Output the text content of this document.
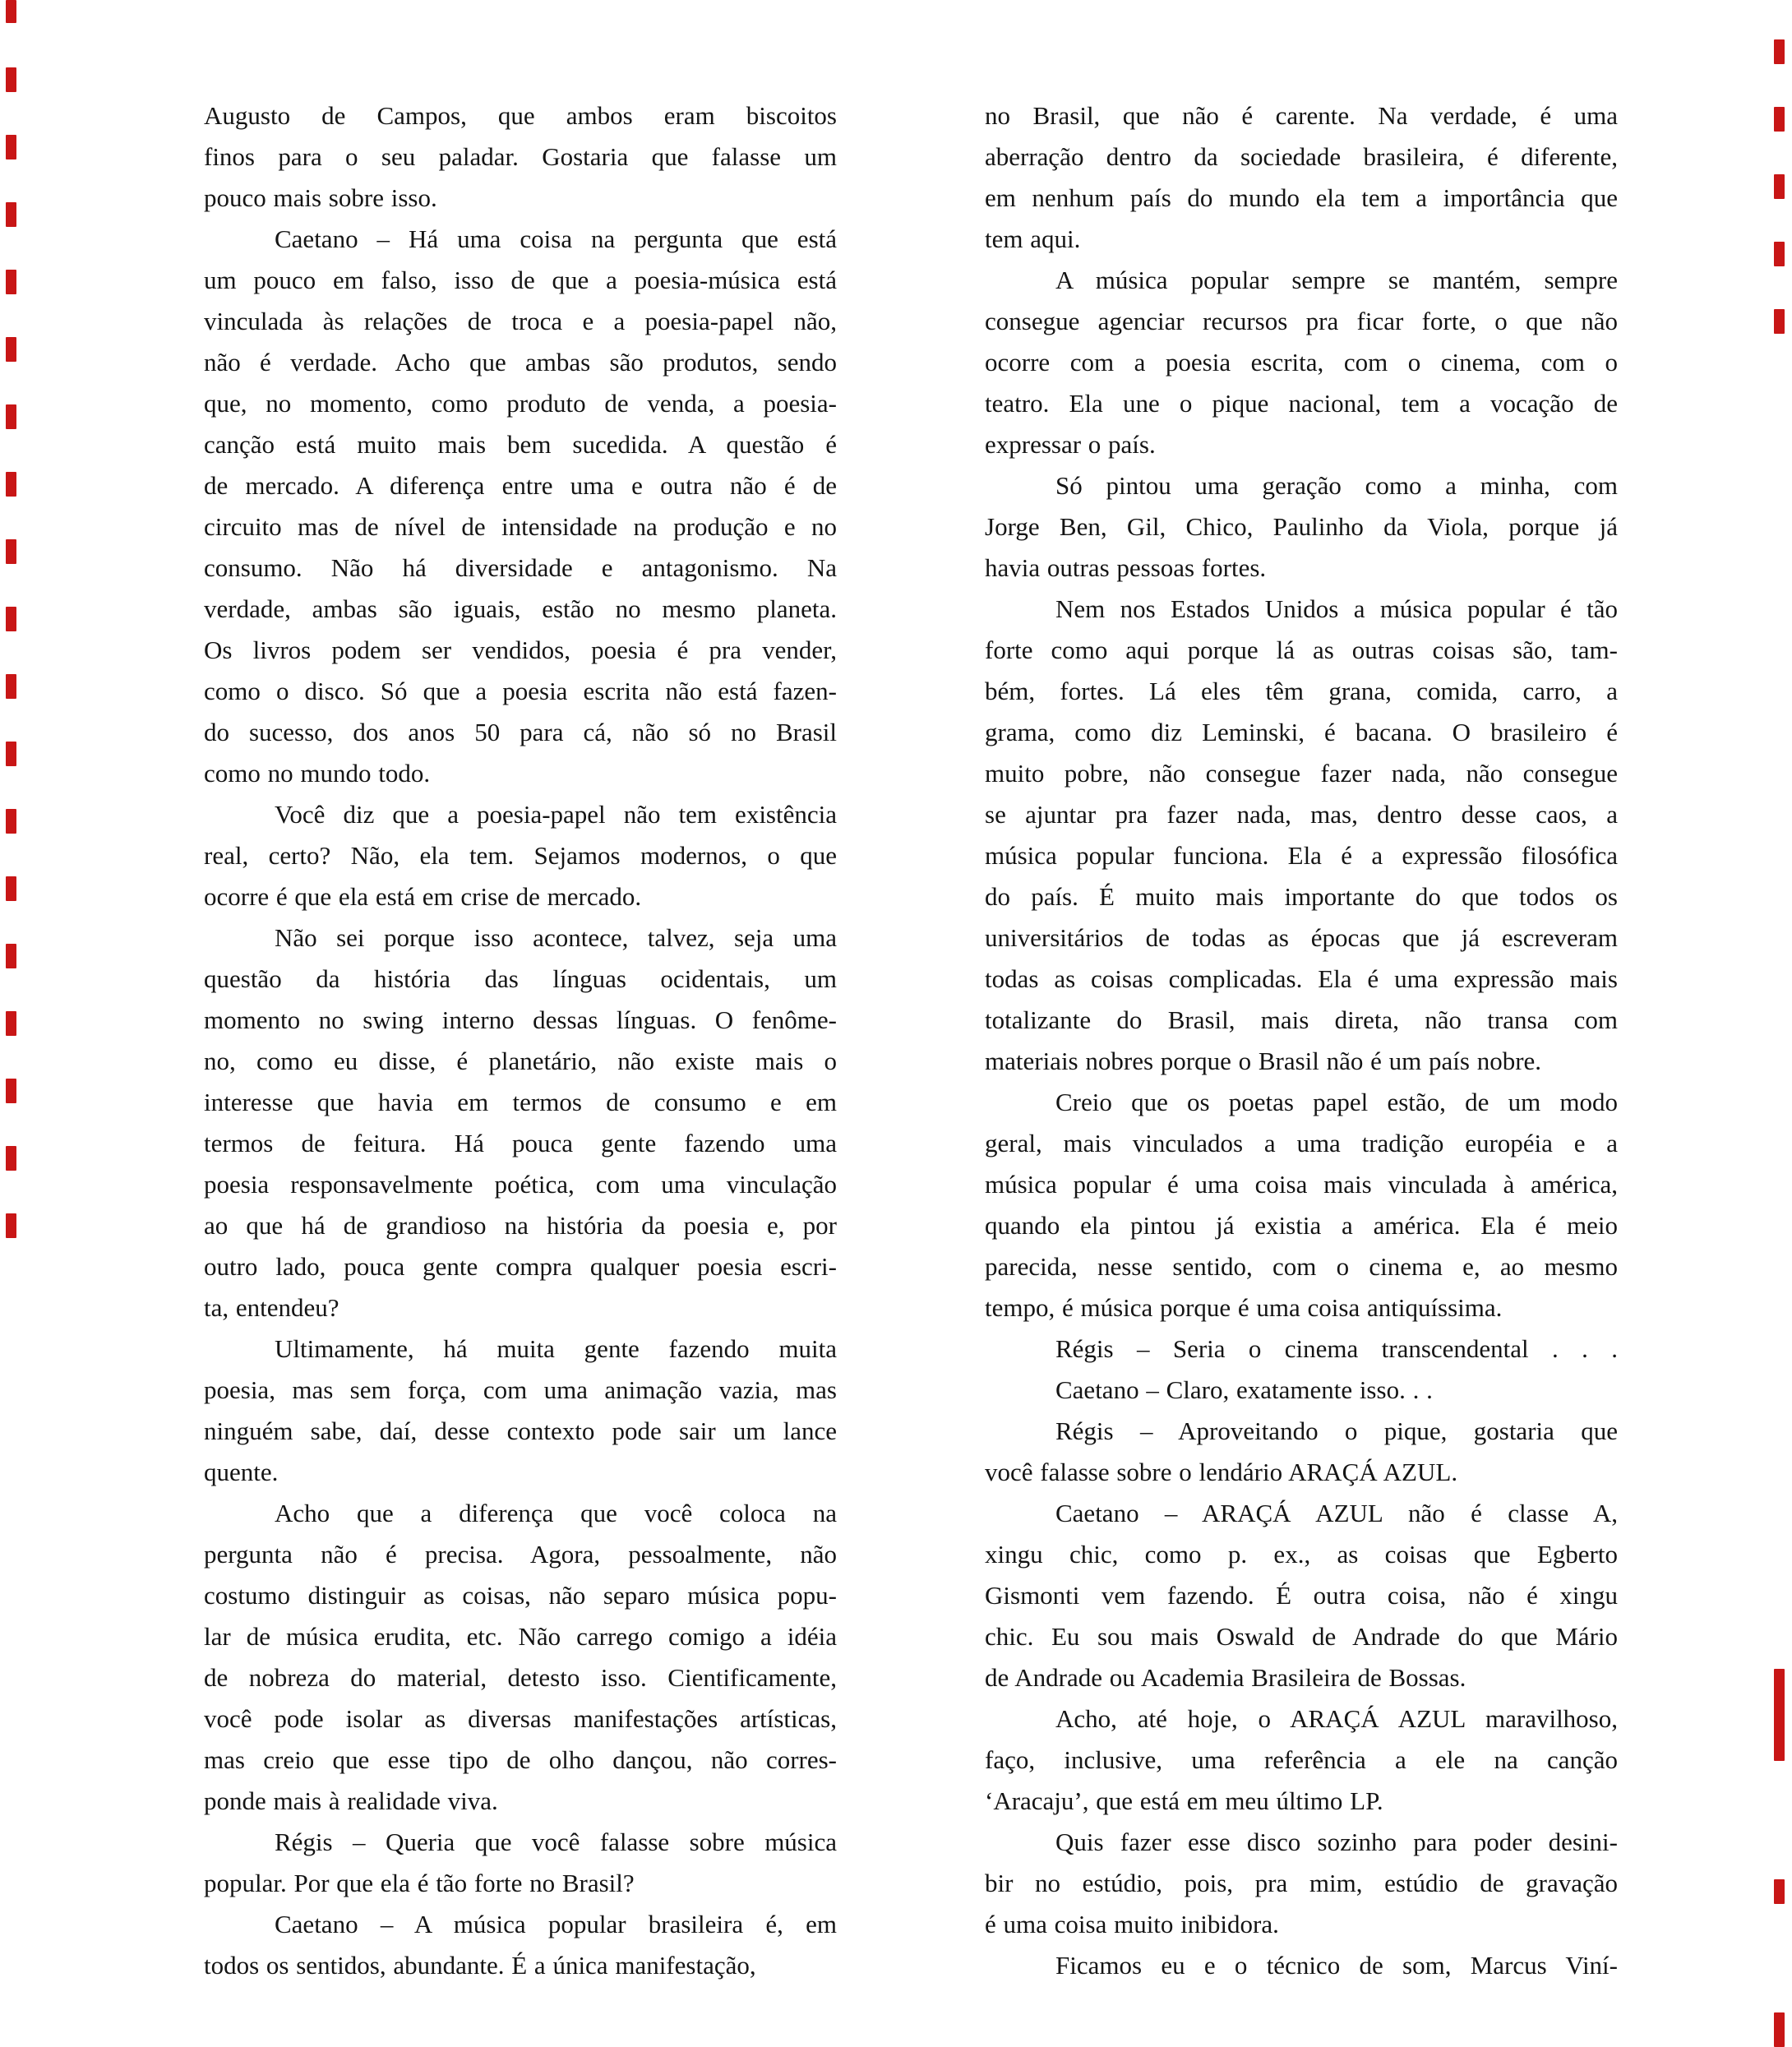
Augusto de Campos, que ambos eram biscoitos

finos para o seu paladar. Gostaria que falasse um

pouco mais sobre isso.

Caetano – Há uma coisa na pergunta que está

um pouco em falso, isso de que a poesia-música está

vinculada às relações de troca e a poesia-papel não,

não é verdade. Acho que ambas são produtos, sendo

que, no momento, como produto de venda, a poesia-

canção está muito mais bem sucedida. A questão é

de mercado. A diferença entre uma e outra não é de

circuito mas de nível de intensidade na produção e no

consumo. Não há diversidade e antagonismo. Na

verdade, ambas são iguais, estão no mesmo planeta.

Os livros podem ser vendidos, poesia é pra vender,

como o disco. Só que a poesia escrita não está fazen-

do sucesso, dos anos 50 para cá, não só no Brasil

como no mundo todo.

Você diz que a poesia-papel não tem existência

real, certo? Não, ela tem. Sejamos modernos, o que

ocorre é que ela está em crise de mercado.

Não sei porque isso acontece, talvez, seja uma

questão da história das línguas ocidentais, um

momento no swing interno dessas línguas. O fenôme-

no, como eu disse, é planetário, não existe mais o

interesse que havia em termos de consumo e em

termos de feitura. Há pouca gente fazendo uma

poesia responsavelmente poética, com uma vinculação

ao que há de grandioso na história da poesia e, por

outro lado, pouca gente compra qualquer poesia escri-

ta, entendeu?

Ultimamente, há muita gente fazendo muita

poesia, mas sem força, com uma animação vazia, mas

ninguém sabe, daí, desse contexto pode sair um lance

quente.

Acho que a diferença que você coloca na

pergunta não é precisa. Agora, pessoalmente, não

costumo distinguir as coisas, não separo música popu-

lar de música erudita, etc. Não carrego comigo a idéia

de nobreza do material, detesto isso. Cientificamente,

você pode isolar as diversas manifestações artísticas,

mas creio que esse tipo de olho dançou, não corres-

ponde mais à realidade viva.

Régis – Queria que você falasse sobre música

popular. Por que ela é tão forte no Brasil?

Caetano – A música popular brasileira é, em

todos os sentidos, abundante. É a única manifestação,

no Brasil, que não é carente. Na verdade, é uma

aberração dentro da sociedade brasileira, é diferente,

em nenhum país do mundo ela tem a importância que

tem aqui.

A música popular sempre se mantém, sempre

consegue agenciar recursos pra ficar forte, o que não

ocorre com a poesia escrita, com o cinema, com o

teatro. Ela une o pique nacional, tem a vocação de

expressar o país.

Só pintou uma geração como a minha, com

Jorge Ben, Gil, Chico, Paulinho da Viola, porque já

havia outras pessoas fortes.

Nem nos Estados Unidos a música popular é tão

forte como aqui porque lá as outras coisas são, tam-

bém, fortes. Lá eles têm grana, comida, carro, a

grama, como diz Leminski, é bacana. O brasileiro é

muito pobre, não consegue fazer nada, não consegue

se ajuntar pra fazer nada, mas, dentro desse caos, a

música popular funciona. Ela é a expressão filosófica

do país. É muito mais importante do que todos os

universitários de todas as épocas que já escreveram

todas as coisas complicadas. Ela é uma expressão mais

totalizante do Brasil, mais direta, não transa com

materiais nobres porque o Brasil não é um país nobre.

Creio que os poetas papel estão, de um modo

geral, mais vinculados a uma tradição européia e a

música popular é uma coisa mais vinculada à américa,

quando ela pintou já existia a américa. Ela é meio

parecida, nesse sentido, com o cinema e, ao mesmo

tempo, é música porque é uma coisa antiquíssima.

Régis – Seria o cinema transcendental . . .

Caetano – Claro, exatamente isso. . .

Régis – Aproveitando o pique, gostaria que

você falasse sobre o lendário ARAÇÁ AZUL.

Caetano – ARAÇÁ AZUL não é classe A,

xingu chic, como p. ex., as coisas que Egberto

Gismonti vem fazendo. É outra coisa, não é xingu

chic. Eu sou mais Oswald de Andrade do que Mário

de Andrade ou Academia Brasileira de Bossas.

Acho, até hoje, o ARAÇÁ AZUL maravilhoso,

faço, inclusive, uma referência a ele na canção

‘Aracaju’, que está em meu último LP.

Quis fazer esse disco sozinho para poder desini-

bir no estúdio, pois, pra mim, estúdio de gravação

é uma coisa muito inibidora.

Ficamos eu e o técnico de som, Marcus Viní-
